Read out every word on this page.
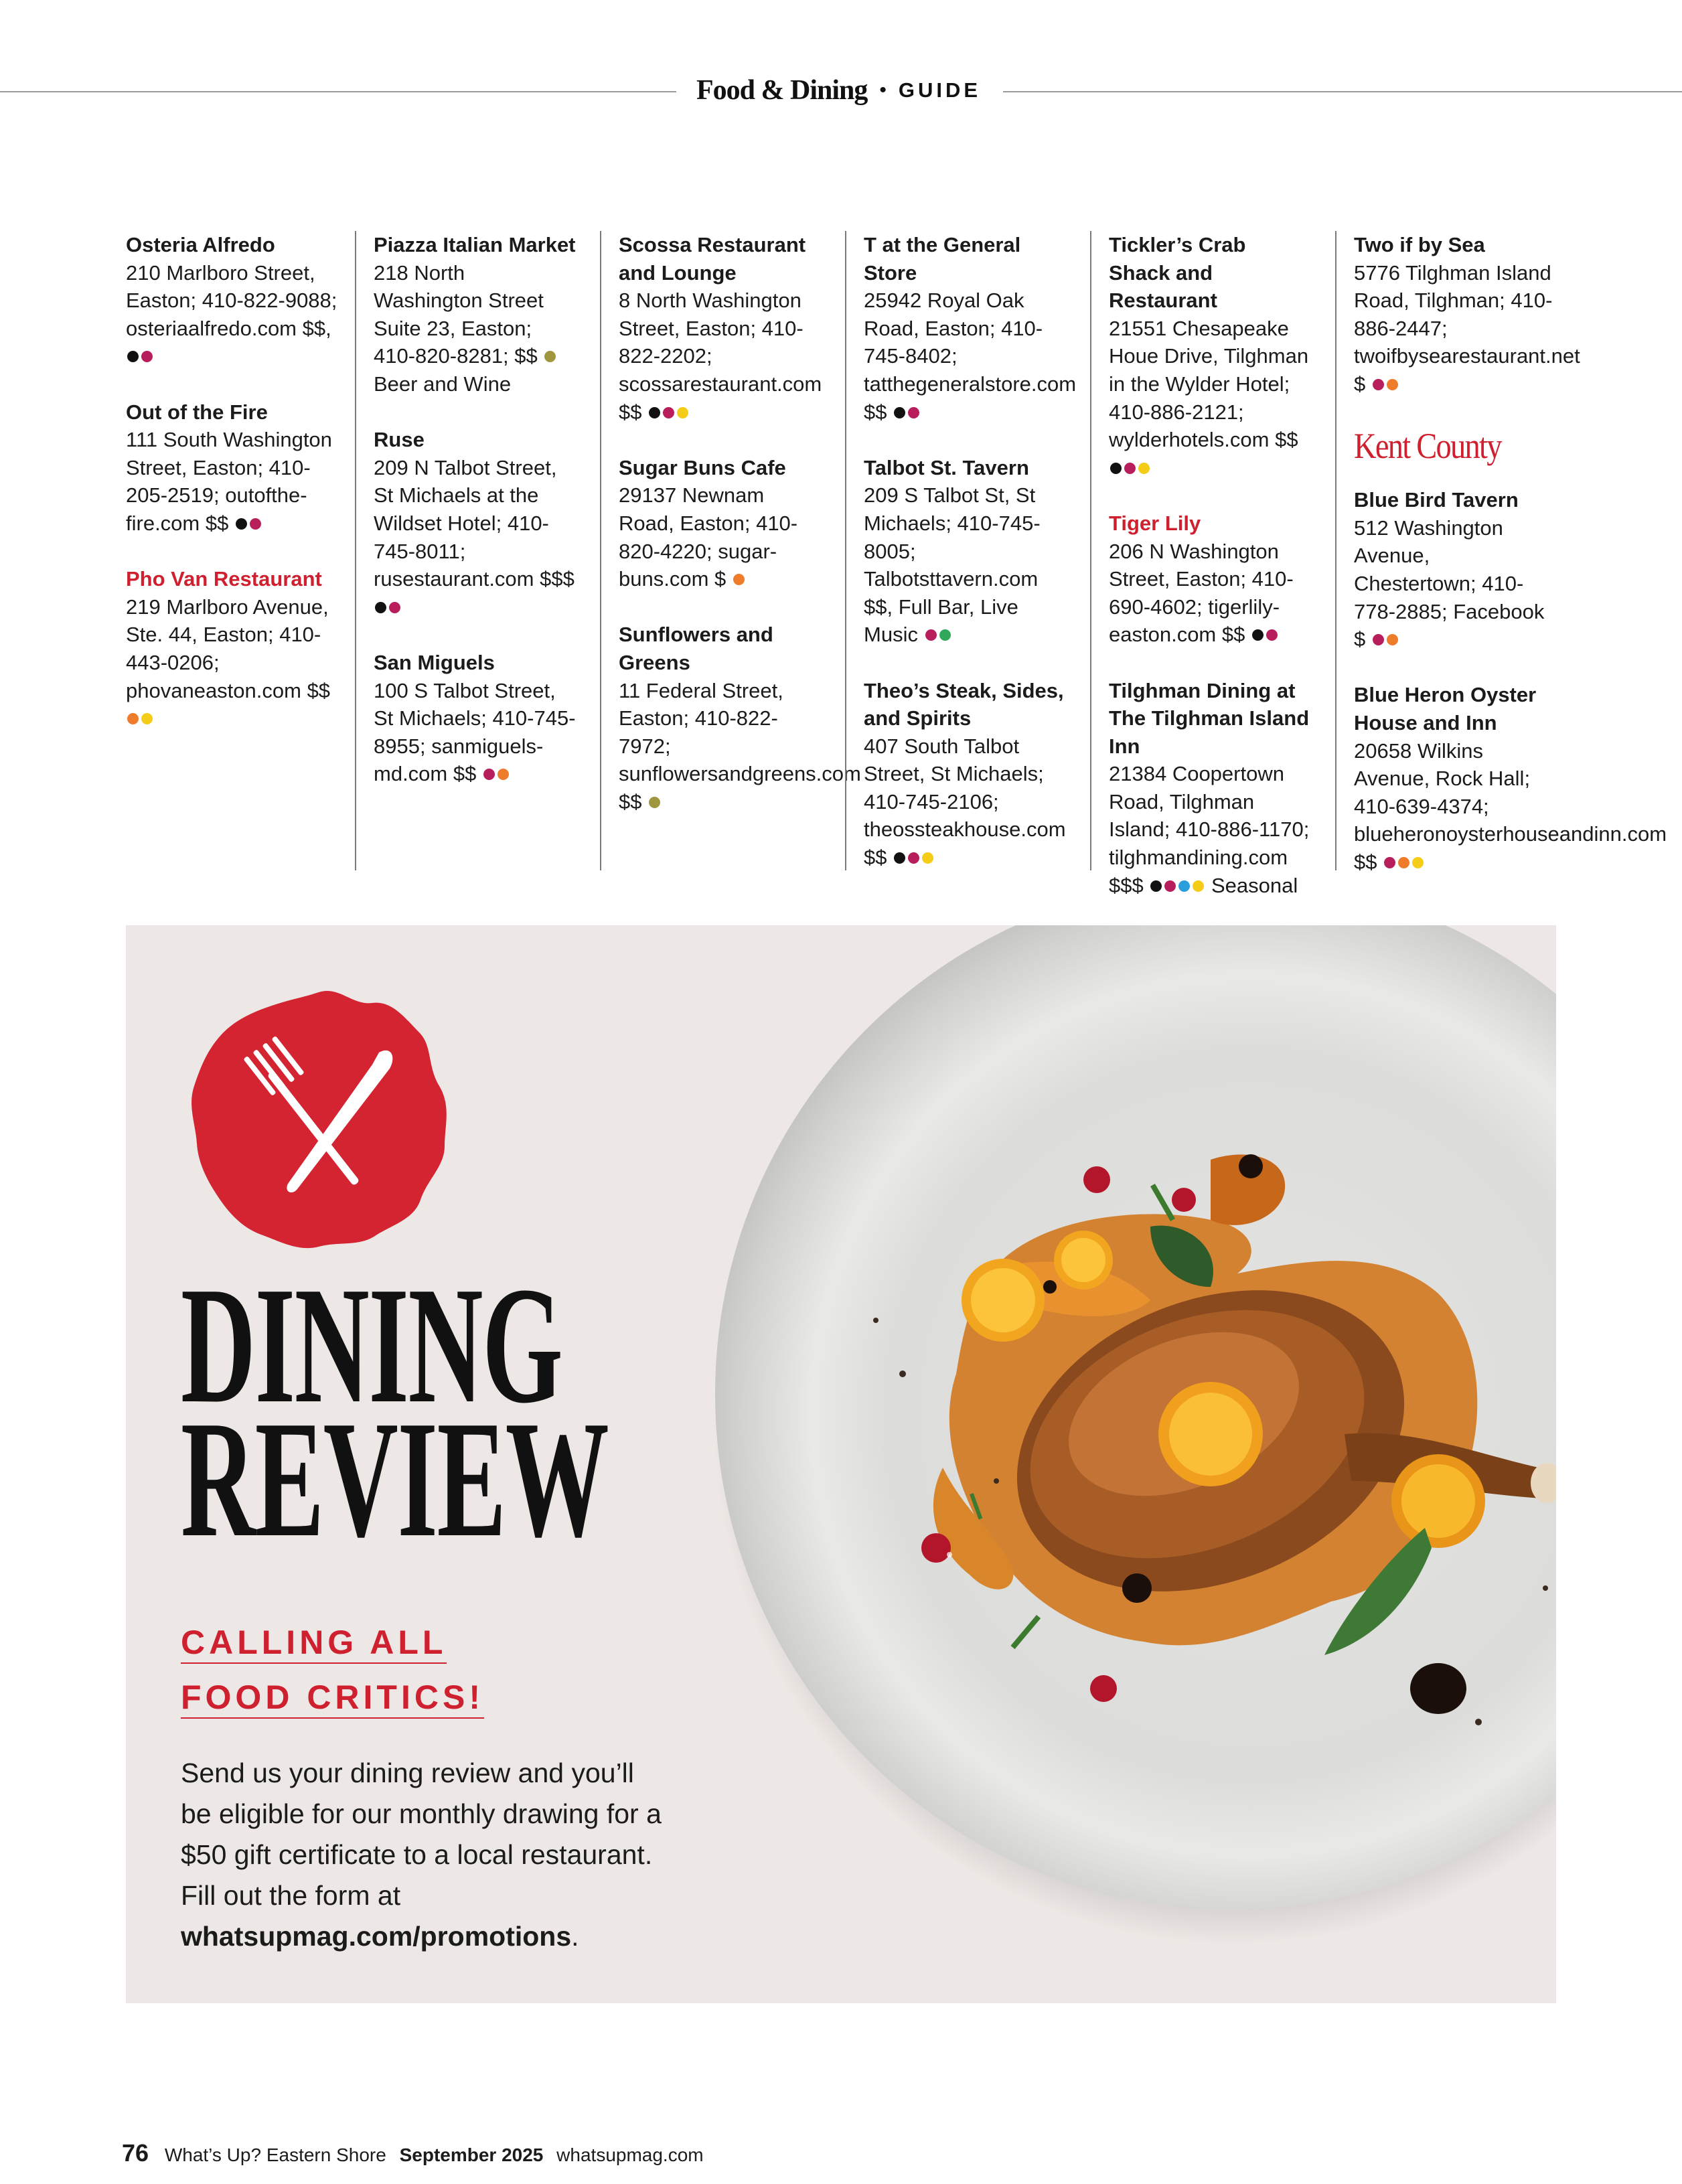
Food & Dining • GUIDE
Osteria Alfredo
210 Marlboro Street, Easton; 410-822-9088; osteriaalfredo.com $$,
Out of the Fire
111 South Washington Street, Easton; 410-205-2519; outofthe-fire.com $$
Pho Van Restaurant
219 Marlboro Avenue, Ste. 44, Easton; 410-443-0206; phovaneaston.com $$
Piazza Italian Market
218 North Washington Street Suite 23, Easton; 410-820-8281; $$  Beer and Wine
Ruse
209 N Talbot Street, St Michaels at the Wildset Hotel; 410-745-8011; rusestaurant.com $$$
San Miguels
100 S Talbot Street, St Michaels; 410-745-8955; sanmiguels-md.com $$
Scossa Restaurant and Lounge
8 North Washington Street, Easton; 410-822-2202; scossarestaurant.com $$
Sugar Buns Cafe
29137 Newnam Road, Easton; 410-820-4220; sugar-buns.com $
Sunflowers and Greens
11 Federal Street, Easton; 410-822-7972; sunflowersandgreens.com $$
T at the General Store
25942 Royal Oak Road, Easton; 410-745-8402; tatthegeneralstore.com $$
Talbot St. Tavern
209 S Talbot St, St Michaels; 410-745-8005; Talbotsttavern.com $$, Full Bar, Live Music
Theo’s Steak, Sides, and Spirits
407 South Talbot Street, St Michaels; 410-745-2106; theossteakhouse.com $$
Tickler’s Crab Shack and Restaurant
21551 Chesapeake Houe Drive, Tilghman in the Wylder Hotel; 410-886-2121; wylderhotels.com $$
Tiger Lily
206 N Washington Street, Easton; 410-690-4602; tigerlily-easton.com $$
Tilghman Dining at The Tilghman Island Inn
21384 Coopertown Road, Tilghman Island; 410-886-1170; tilghmandining.com $$$	Seasonal
Two if by Sea
5776 Tilghman Island Road, Tilghman; 410-886-2447; twoifbysearestaurant.net $
Kent County
Blue Bird Tavern
512 Washington Avenue, Chestertown; 410-778-2885; Facebook $
Blue Heron Oyster House and Inn
20658 Wilkins Avenue, Rock Hall; 410-639-4374; blueheronoysterhouseandinn.com $$
DINING
REVIEW
CALLING ALL
FOOD CRITICS!
Send us your dining review and you’ll be eligible for our monthly drawing for a $50 gift certificate to a local restaurant. Fill out the form at whatsupmag.com/promotions.
76 What’s Up? Eastern Shore September 2025 whatsupmag.com
